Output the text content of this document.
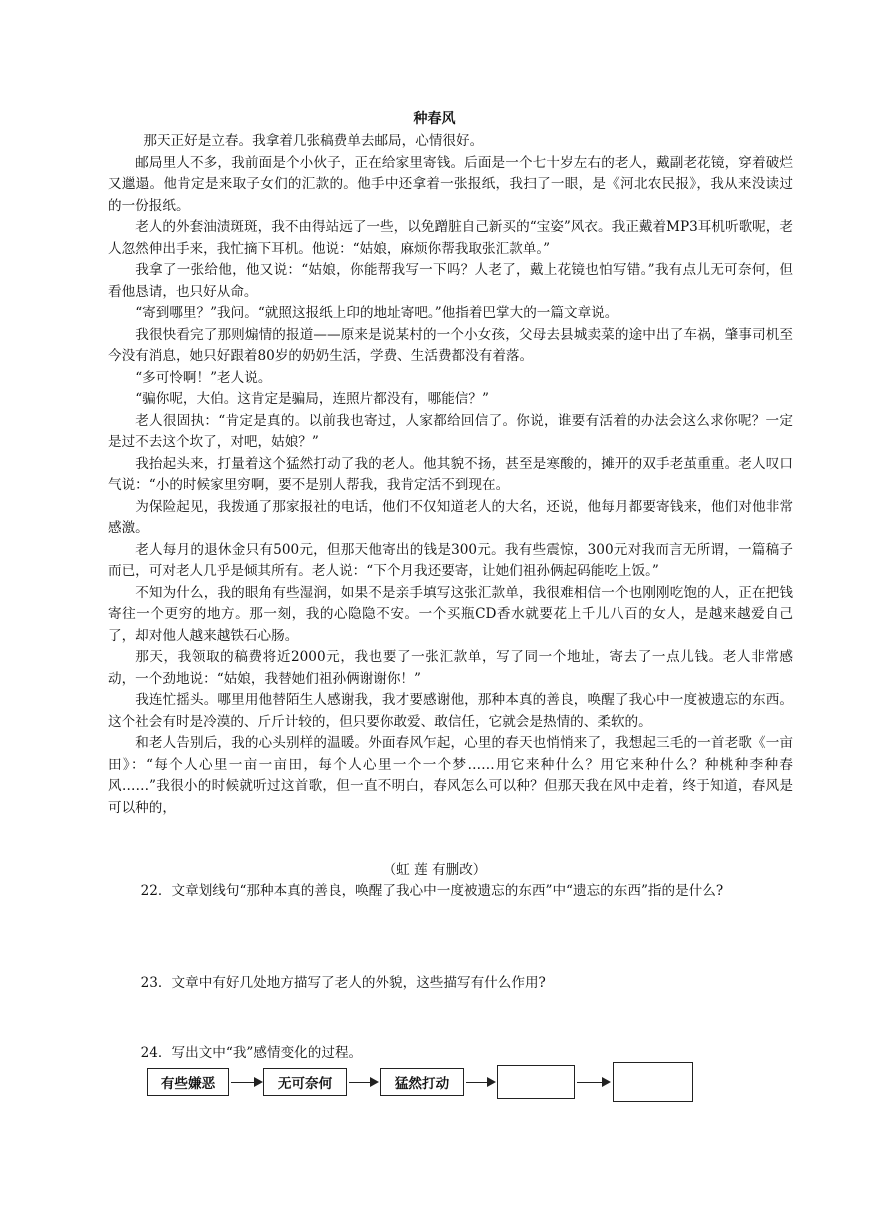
种春风

那天正好是立春。我拿着几张稿费单去邮局，心情很好。

邮局里人不多，我前面是个小伙子，正在给家里寄钱。后面是一个七十岁左右的老人，戴副老花镜，穿着破烂又邋遢。他肯定是来取子女们的汇款的。他手中还拿着一张报纸，我扫了一眼，是《河北农民报》，我从来没读过的一份报纸。

老人的外套油渍斑斑，我不由得站远了一些，以免蹭脏自己新买的“宝姿”风衣。我正戴着MP3耳机听歌呢，老人忽然伸出手来，我忙摘下耳机。他说：“姑娘，麻烦你帮我取张汇款单。”

我拿了一张给他，他又说：“姑娘，你能帮我写一下吗？人老了，戴上花镜也怕写错。”我有点儿无可奈何，但看他恳请，也只好从命。

“寄到哪里？”我问。“就照这报纸上印的地址寄吧。”他指着巴掌大的一篇文章说。

我很快看完了那则煽情的报道——原来是说某村的一个小女孩，父母去县城卖菜的途中出了车祸，肇事司机至今没有消息，她只好跟着80岁的奶奶生活，学费、生活费都没有着落。

“多可怜啊！”老人说。

“骗你呢，大伯。这肯定是骗局，连照片都没有，哪能信？”

老人很固执：“肯定是真的。以前我也寄过，人家都给回信了。你说，谁要有活着的办法会这么求你呢？一定是过不去这个坎了，对吧，姑娘？”

我抬起头来，打量着这个猛然打动了我的老人。他其貌不扬，甚至是寒酸的，摊开的双手老茧重重。老人叹口气说：“小的时候家里穷啊，要不是别人帮我，我肯定活不到现在。

为保险起见，我拨通了那家报社的电话，他们不仅知道老人的大名，还说，他每月都要寄钱来，他们对他非常感激。

老人每月的退休金只有500元，但那天他寄出的钱是300元。我有些震惊，300元对我而言无所谓，一篇稿子而已，可对老人几乎是倾其所有。老人说：“下个月我还要寄，让她们祖孙俩起码能吃上饭。”

不知为什么，我的眼角有些湿润，如果不是亲手填写这张汇款单，我很难相信一个也刚刚吃饱的人，正在把钱寄往一个更穷的地方。那一刻，我的心隐隐不安。一个买瓶CD香水就要花上千儿八百的女人，是越来越爱自己了，却对他人越来越铁石心肠。

那天，我领取的稿费将近2000元，我也要了一张汇款单，写了同一个地址，寄去了一点儿钱。老人非常感动，一个劲地说：“姑娘，我替她们祖孙俩谢谢你！”

我连忙摇头。哪里用他替陌生人感谢我，我才要感谢他，那种本真的善良，唤醒了我心中一度被遗忘的东西。这个社会有时是冷漠的、斤斤计较的，但只要你敢爱、敢信任，它就会是热情的、柔软的。

和老人告别后，我的心头别样的温暖。外面春风乍起，心里的春天也悄悄来了，我想起三毛的一首老歌《一亩田》：“每个人心里一亩一亩田，每个人心里一个一个梦……用它来种什么？用它来种什么？种桃种李种春风……”我很小的时候就听过这首歌，但一直不明白，春风怎么可以种？但那天我在风中走着，终于知道，春风是可以种的，

（虹 莲 有删改）
22．文章划线句“那种本真的善良，唤醒了我心中一度被遗忘的东西”中“遗忘的东西”指的是什么?
23．文章中有好几处地方描写了老人的外貌，这些描写有什么作用?
24．写出文中“我”感情变化的过程。
有些嫌恶	无可奈何	猛然打动
